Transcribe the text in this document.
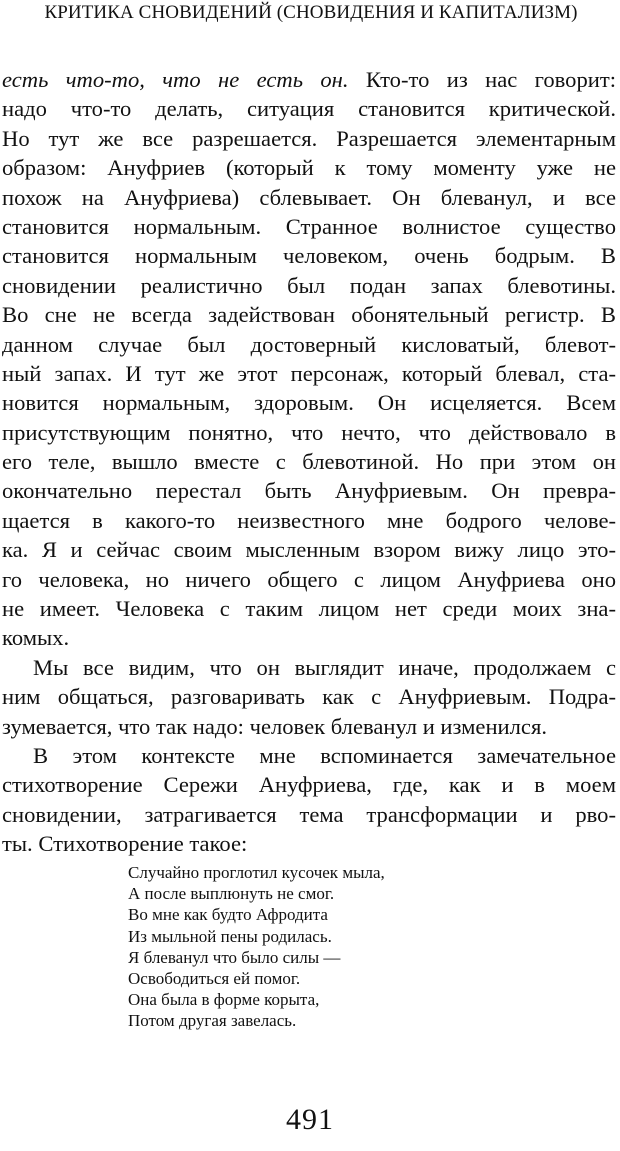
КРИТИКА СНОВИДЕНИЙ (СНОВИДЕНИЯ И КАПИТАЛИЗМ)
есть что-то, что не есть он. Кто-то из нас говорит:
надо что-то делать, ситуация становится критической.
Но тут же все разрешается. Разрешается элементарным
образом: Ануфриев (который к тому моменту уже не
похож на Ануфриева) сблевывает. Он блеванул, и все
становится нормальным. Странное волнистое существо
становится нормальным человеком, очень бодрым. В
сновидении реалистично был подан запах блевотины.
Во сне не всегда задействован обонятельный регистр. В
данном случае был достоверный кисловатый, блевот-
ный запах. И тут же этот персонаж, который блевал, ста-
новится нормальным, здоровым. Он исцеляется. Всем
присутствующим понятно, что нечто, что действовало в
его теле, вышло вместе с блевотиной. Но при этом он
окончательно перестал быть Ануфриевым. Он превра-
щается в какого-то неизвестного мне бодрого челове-
ка. Я и сейчас своим мысленным взором вижу лицо это-
го человека, но ничего общего с лицом Ануфриева оно
не имеет. Человека с таким лицом нет среди моих зна-
комых.
Мы все видим, что он выглядит иначе, продолжаем с
ним общаться, разговаривать как с Ануфриевым. Подра-
зумевается, что так надо: человек блеванул и изменился.
В этом контексте мне вспоминается замечательное
стихотворение Сережи Ануфриева, где, как и в моем
сновидении, затрагивается тема трансформации и рво-
ты. Стихотворение такое:
Случайно проглотил кусочек мыла,
А после выплюнуть не смог.
Во мне как будто Афродита
Из мыльной пены родилась.
Я блеванул что было силы —
Освободиться ей помог.
Она была в форме корыта,
Потом другая завелась.
491
